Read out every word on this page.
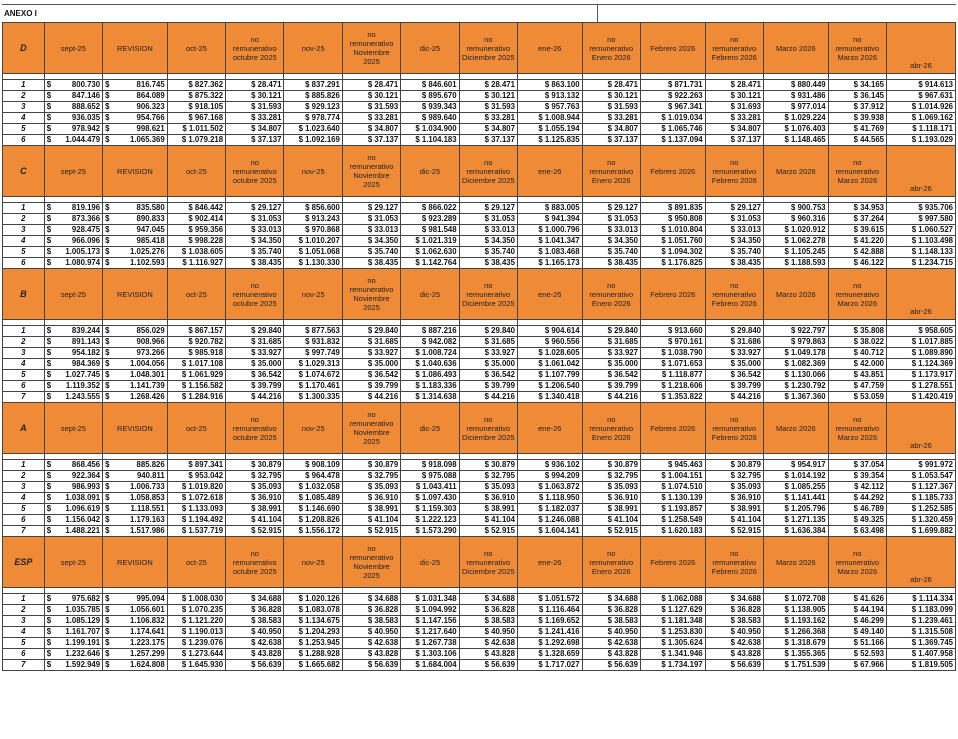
ANEXO I
D	sept-25	REVISION	oct-25	no remunerativo octubre 2025	nov-25	no remunerativo Noviembre 2025	dic-25	no remunerativo Diciembre 2025	ene-26	no remunerativo Enero 2026	Febrero 2026	no remunerativo Febrero 2026	Marzo 2026	no remunerativo Marzo 2026	abr-26

1	$ 800.730	$ 816.745	$ 827.362	$ 28.471	$ 837.291	$ 28.471	$ 846.601	$ 28.471	$ 863.100	$ 28.471	$ 871.731	$ 28.471	$ 880.449	$ 34.165	$ 914.613
2	$ 847.146	$ 864.089	$ 875.322	$ 30.121	$ 885.826	$ 30.121	$ 895.670	$ 30.121	$ 913.132	$ 30.121	$ 922.263	$ 30.121	$ 931.486	$ 36.145	$ 967.631
3	$ 888.652	$ 906.323	$ 918.105	$ 31.593	$ 929.123	$ 31.593	$ 939.343	$ 31.593	$ 957.763	$ 31.593	$ 967.341	$ 31.693	$ 977.014	$ 37.912	$ 1.014.926
4	$ 936.035	$ 954.766	$ 967.168	$ 33.281	$ 978.774	$ 33.281	$ 989.640	$ 33.281	$ 1.008.944	$ 33.281	$ 1.019.034	$ 33.281	$ 1.029.224	$ 39.938	$ 1.069.162
5	$ 978.942	$ 998.621	$ 1.011.502	$ 34.807	$ 1.023.640	$ 34.807	$ 1.034.900	$ 34.807	$ 1.055.194	$ 34.807	$ 1.065.746	$ 34.807	$ 1.076.403	$ 41.769	$ 1.118.171
6	$ 1.044.479	$ 1.065.369	$ 1.079.218	$ 37.137	$ 1.092.169	$ 37.137	$ 1.104.183	$ 37.137	$ 1.125.835	$ 37.137	$ 1.137.094	$ 37.137	$ 1.148.465	$ 44.565	$ 1.193.029
C	sept-25	REVISION	oct-25	no remunerativo octubre 2025	nov-25	no remunerativo Noviembre 2025	dic-25	no remunerativo Diciembre 2025	ene-26	no remunerativo Enero 2026	Febrero 2026	no remunerativo Febrero 2026	Marzo 2026	no remunerativo Marzo 2026	abr-26

1	$ 819.196	$ 835.580	$ 846.442	$ 29.127	$ 856.600	$ 29.127	$ 866.022	$ 29.127	$ 883.005	$ 29.127	$ 891.835	$ 29.127	$ 900.753	$ 34.953	$ 935.706
2	$ 873.366	$ 890.833	$ 902.414	$ 31.053	$ 913.243	$ 31.053	$ 923.289	$ 31.053	$ 941.394	$ 31.053	$ 950.808	$ 31.053	$ 960.316	$ 37.264	$ 997.580
3	$ 928.475	$ 947.045	$ 959.356	$ 33.013	$ 970.868	$ 33.013	$ 981.548	$ 33.013	$ 1.000.796	$ 33.013	$ 1.010.804	$ 33.013	$ 1.020.912	$ 39.615	$ 1.060.527
4	$ 966.096	$ 985.418	$ 998.228	$ 34.350	$ 1.010.207	$ 34.350	$ 1.021.319	$ 34.350	$ 1.041.347	$ 34.350	$ 1.051.760	$ 34.350	$ 1.062.278	$ 41.220	$ 1.103.498
5	$ 1.005.173	$ 1.025.276	$ 1.038.605	$ 35.740	$ 1.051.068	$ 35.740	$ 1.062.630	$ 35.740	$ 1.083.468	$ 35.740	$ 1.094.302	$ 35.740	$ 1.105.245	$ 42.888	$ 1.148.133
6	$ 1.080.974	$ 1.102.593	$ 1.116.927	$ 38.435	$ 1.130.330	$ 38.435	$ 1.142.764	$ 38.435	$ 1.165.173	$ 38.435	$ 1.176.825	$ 38.435	$ 1.188.593	$ 46.122	$ 1.234.715
B	sept-25	REVISION	oct-25	no remunerativo octubre 2025	nov-25	no remunerativo Noviembre 2025	dic-25	no remunerativo Diciembre 2025	ene-26	no remunerativo Enero 2026	Febrero 2026	no remunerativo Febrero 2026	Marzo 2026	no remunerativo Marzo 2026	abr-26

1	$ 839.244	$ 856.029	$ 867.157	$ 29.840	$ 877.563	$ 29.840	$ 887.216	$ 29.840	$ 904.614	$ 29.840	$ 913.660	$ 29.840	$ 922.797	$ 35.808	$ 958.605
2	$ 891.143	$ 908.966	$ 920.782	$ 31.685	$ 931.832	$ 31.685	$ 942.082	$ 31.685	$ 960.556	$ 31.685	$ 970.161	$ 31.686	$ 979.863	$ 38.022	$ 1.017.885
3	$ 954.182	$ 973.266	$ 985.918	$ 33.927	$ 997.749	$ 33.927	$ 1.008.724	$ 33.927	$ 1.028.605	$ 33.927	$ 1.038.790	$ 33.927	$ 1.049.178	$ 40.712	$ 1.089.890
4	$ 984.369	$ 1.004.056	$ 1.017.108	$ 35.000	$ 1.029.313	$ 35.000	$ 1.040.636	$ 35.000	$ 1.061.042	$ 35.000	$ 1.071.653	$ 35.000	$ 1.082.369	$ 42.000	$ 1.124.369
5	$ 1.027.745	$ 1.048.301	$ 1.061.929	$ 36.542	$ 1.074.672	$ 36.542	$ 1.086.493	$ 36.542	$ 1.107.799	$ 36.542	$ 1.118.877	$ 36.542	$ 1.130.066	$ 43.851	$ 1.173.917
6	$ 1.119.352	$ 1.141.739	$ 1.156.582	$ 39.799	$ 1.170.461	$ 39.799	$ 1.183.336	$ 39.799	$ 1.206.540	$ 39.799	$ 1.218.606	$ 39.799	$ 1.230.792	$ 47.759	$ 1.278.551
7	$ 1.243.555	$ 1.268.426	$ 1.284.916	$ 44.216	$ 1.300.335	$ 44.216	$ 1.314.638	$ 44.216	$ 1.340.418	$ 44.216	$ 1.353.822	$ 44.216	$ 1.367.360	$ 53.059	$ 1.420.419
A	sept-25	REVISION	oct-25	no remunerativo octubre 2025	nov-25	no remunerativo Noviembre 2025	dic-25	no remunerativo Diciembre 2025	ene-26	no remunerativo Enero 2026	Febrero 2026	no remunerativo Febrero 2026	Marzo 2026	no remunerativo Marzo 2026	abr-26

1	$ 868.456	$ 885.826	$ 897.341	$ 30.879	$ 908.109	$ 30.879	$ 918.098	$ 30.879	$ 936.102	$ 30.879	$ 945.463	$ 30.879	$ 954.917	$ 37.054	$ 991.972
2	$ 922.364	$ 940.811	$ 953.042	$ 32.795	$ 964.478	$ 32.795	$ 975.088	$ 32.795	$ 994.209	$ 32.795	$ 1.004.151	$ 32.795	$ 1.014.192	$ 39.354	$ 1.053.547
3	$ 986.993	$ 1.006.733	$ 1.019.820	$ 35.093	$ 1.032.058	$ 35.093	$ 1.043.411	$ 35.093	$ 1.063.872	$ 35.093	$ 1.074.510	$ 35.093	$ 1.085.255	$ 42.112	$ 1.127.367
4	$ 1.038.091	$ 1.058.853	$ 1.072.618	$ 36.910	$ 1.085.489	$ 36.910	$ 1.097.430	$ 36.910	$ 1.118.950	$ 36.910	$ 1.130.139	$ 36.910	$ 1.141.441	$ 44.292	$ 1.185.733
5	$ 1.096.619	$ 1.118.551	$ 1.133.093	$ 38.991	$ 1.146.690	$ 38.991	$ 1.159.303	$ 38.991	$ 1.182.037	$ 38.991	$ 1.193.857	$ 38.991	$ 1.205.796	$ 46.789	$ 1.252.585
6	$ 1.156.042	$ 1.179.163	$ 1.194.492	$ 41.104	$ 1.208.826	$ 41.104	$ 1.222.123	$ 41.104	$ 1.246.088	$ 41.104	$ 1.258.549	$ 41.104	$ 1.271.135	$ 49.325	$ 1.320.459
7	$ 1.488.221	$ 1.517.986	$ 1.537.719	$ 52.915	$ 1.556.172	$ 52.915	$ 1.573.290	$ 52.915	$ 1.604.141	$ 52.915	$ 1.620.183	$ 52.915	$ 1.636.384	$ 63.498	$ 1.699.882
ESP	sept-25	REVISION	oct-25	no remunerativo octubre 2025	nov-25	no remunerativo Noviembre 2025	dic-25	no remunerativo Diciembre 2025	ene-26	no remunerativo Enero 2026	Febrero 2026	no remunerativo Febrero 2026	Marzo 2026	no remunerativo Marzo 2026	abr-26

1	$ 975.682	$ 995.094	$ 1.008.030	$ 34.688	$ 1.020.126	$ 34.688	$ 1.031.348	$ 34.688	$ 1.051.572	$ 34.688	$ 1.062.088	$ 34.688	$ 1.072.708	$ 41.626	$ 1.114.334
2	$ 1.035.785	$ 1.056.601	$ 1.070.235	$ 36.828	$ 1.083.078	$ 36.828	$ 1.094.992	$ 36.828	$ 1.116.464	$ 36.828	$ 1.127.629	$ 36.828	$ 1.138.905	$ 44.194	$ 1.183.099
3	$ 1.085.129	$ 1.106.832	$ 1.121.220	$ 38.583	$ 1.134.675	$ 38.583	$ 1.147.156	$ 38.583	$ 1.169.652	$ 38.583	$ 1.181.348	$ 38.583	$ 1.193.162	$ 46.299	$ 1.239.461
4	$ 1.161.707	$ 1.174.641	$ 1.190.013	$ 40.950	$ 1.204.293	$ 40.950	$ 1.217.640	$ 40.950	$ 1.241.416	$ 40.950	$ 1.253.830	$ 40.950	$ 1.266.368	$ 49.140	$ 1.315.508
5	$ 1.199.191	$ 1.223.175	$ 1.239.076	$ 42.638	$ 1.253.945	$ 42.638	$ 1.267.738	$ 42.638	$ 1.292.698	$ 42.638	$ 1.305.624	$ 42.638	$ 1.318.679	$ 51.166	$ 1.369.745
6	$ 1.232.646	$ 1.257.299	$ 1.273.644	$ 43.828	$ 1.288.928	$ 43.828	$ 1.303.106	$ 43.828	$ 1.328.659	$ 43.828	$ 1.341.946	$ 43.828	$ 1.355.365	$ 52.593	$ 1.407.958
7	$ 1.592.949	$ 1.624.808	$ 1.645.930	$ 56.639	$ 1.665.682	$ 56.639	$ 1.684.004	$ 56.639	$ 1.717.027	$ 56.639	$ 1.734.197	$ 56.639	$ 1.751.539	$ 67.966	$ 1.819.505
